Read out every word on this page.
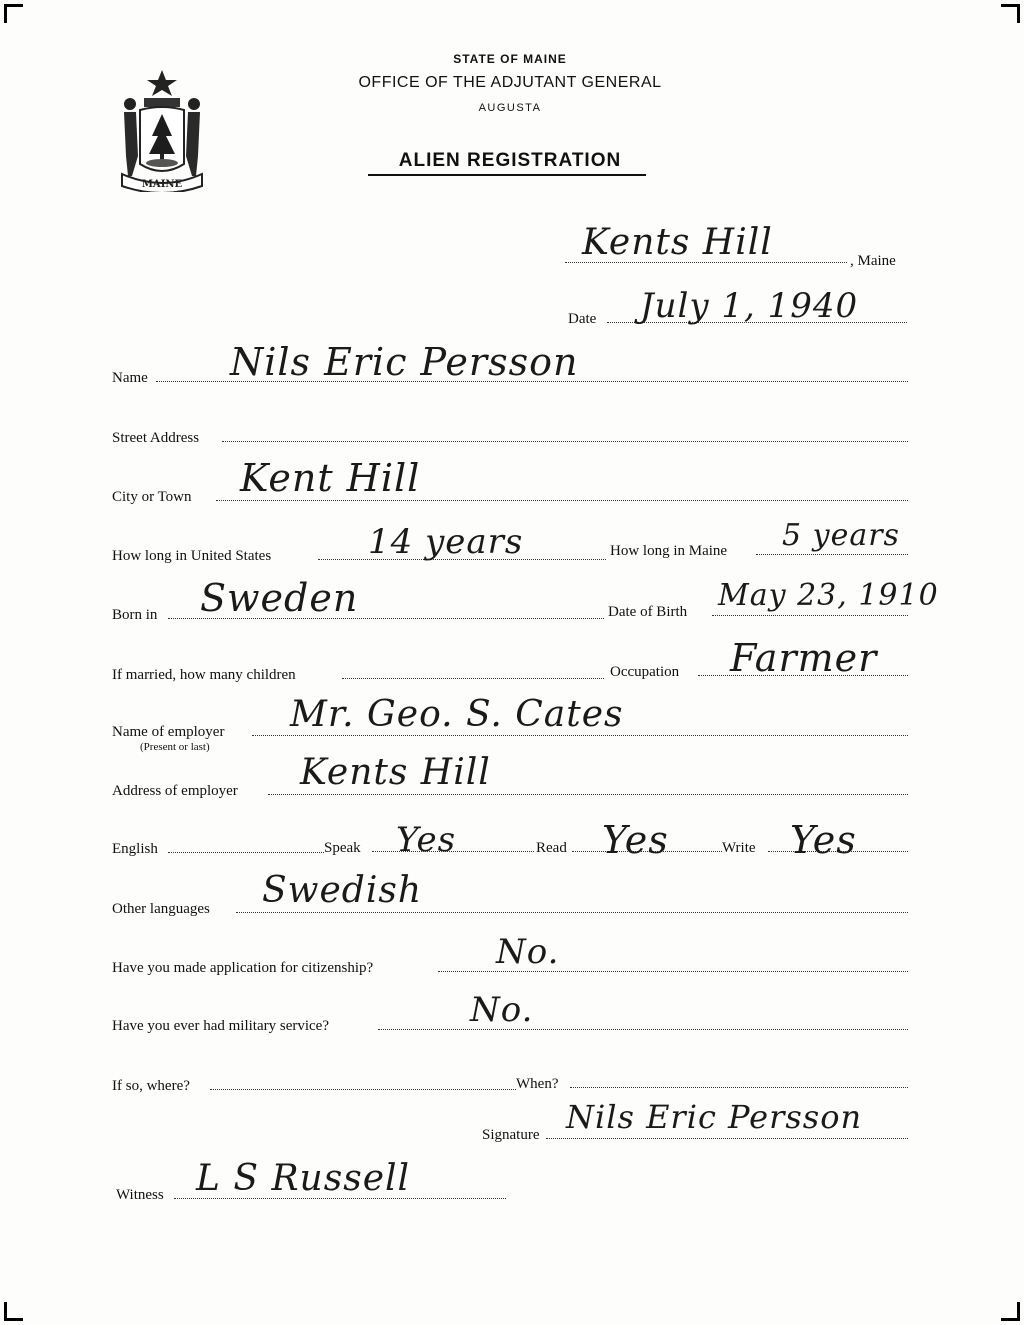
MAINE
STATE OF MAINE
OFFICE OF THE ADJUTANT GENERAL
AUGUSTA
ALIEN REGISTRATION
Kents Hill	, Maine
Date July 1, 1940
Name Nils Eric Persson
Street Address
City or Town Kent Hill
How long in United States	14 years	How long in Maine 5 years
Born in Sweden	Date of Birth May 23, 1910
If married, how many children	Occupation Farmer
Name of employer
(Present or last)
Mr. Geo. S. Cates
Address of employer Kents Hill
English	Speak Yes	Read Yes	Write Yes
Other languages Swedish
Have you made application for citizenship?	No.
Have you ever had military service?	No.
If so, where?	When?
Signature Nils Eric Persson
Witness L S Russell
